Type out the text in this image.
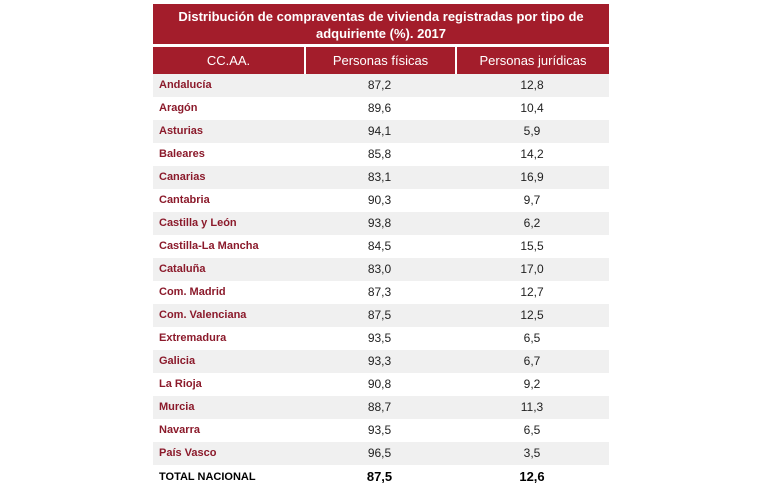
Distribución de compraventas de vivienda registradas por tipo de
adquiriente (%). 2017
CC.AA.	Personas físicas	Personas jurídicas
Andalucía	87,2	12,8
Aragón	89,6	10,4
Asturias	94,1	5,9
Baleares	85,8	14,2
Canarias	83,1	16,9
Cantabria	90,3	9,7
Castilla y León	93,8	6,2
Castilla-La Mancha	84,5	15,5
Cataluña	83,0	17,0
Com. Madrid	87,3	12,7
Com. Valenciana	87,5	12,5
Extremadura	93,5	6,5
Galicia	93,3	6,7
La Rioja	90,8	9,2
Murcia	88,7	11,3
Navarra	93,5	6,5
País Vasco	96,5	3,5
TOTAL NACIONAL	87,5	12,6
